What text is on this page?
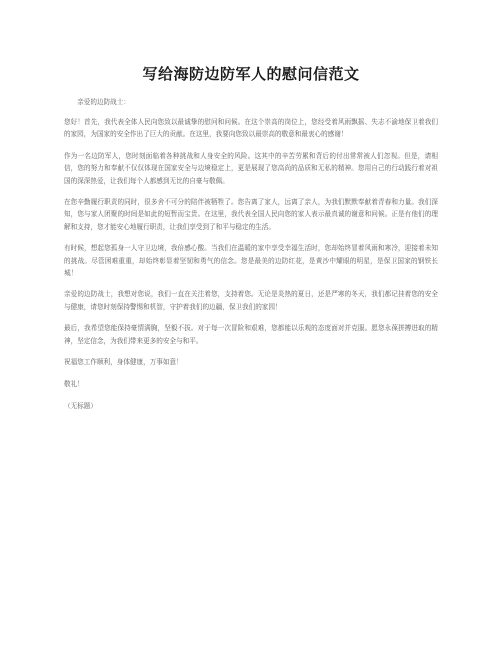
写给海防边防军人的慰问信范文

亲爱的边防战士：

您好！首先，我代表全体人民向您致以最诚挚的慰问和问候。在这个崇高的岗位上，您经受着风雨飘摇、失志不渝地保卫着我们的家园，为国家的安全作出了巨大的贡献。在这里，我要向您致以最崇高的敬意和最衷心的感谢！

作为一名边防军人，您时刻面临着各种挑战和人身安全的风险。这其中的辛苦劳累和背后的付出常常被人们忽视。但是，请相信，您的努力和奉献不仅仅体现在国家安全与边境稳定上，更是展现了您高尚的品质和无私的精神。您用自己的行动践行着对祖国的深深热爱，让我们每个人都感到无比的自豪与敬佩。

在您辛勤履行职责的同时，很多舍不可分的陪伴被牺牲了。您告离了家人，远离了亲人，为我们默默奉献着青春和力量。我们深知，您与家人团聚的时间是如此的短暂而宝贵。在这里，我代表全国人民向您的家人表示最真诚的谢意和问候。正是有他们的理解和支持，您才能安心地履行职责，让我们享受到了和平与稳定的生活。

有时候，想起您孤身一人守卫边境，我倍感心酸。当我们在温暖的家中享受幸福生活时，您却始终冒着风雨和寒冷，迎接着未知的挑战。尽管困难重重，却始终彰显着坚韧和勇气的信念。您是最美的边防红花，是黄沙中耀眼的明星，是保卫国家的钢铁长城！

亲爱的边防战士，我想对您说，我们一直在关注着您，支持着您。无论是炎热的夏日，还是严寒的冬天，我们都记挂着您的安全与健康，请您时刻保持警惕和机智，守护着我们的边疆，保卫我们的家园！

最后，我希望您能保持豪情满胸，坚毅不拔。对于每一次冒险和艰难，您都能以乐观的态度面对并克服。愿您永葆拼搏进取的精神，坚定信念，为我们带来更多的安全与和平。

祝福您工作顺利，身体健康，万事如意！

敬礼！

（无标题）
